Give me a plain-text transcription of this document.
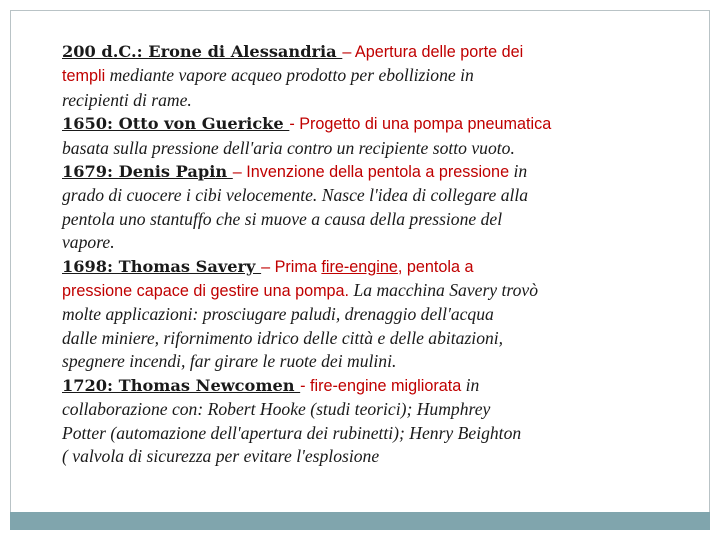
200 d.C.: Erone di Alessandria – Apertura delle porte dei
templi mediante vapore acqueo prodotto per ebollizione in
recipienti di rame.
1650: Otto von Guericke - Progetto di una pompa pneumatica
basata sulla pressione dell'aria contro un recipiente sotto vuoto.
1679: Denis Papin – Invenzione della pentola a pressione in
grado di cuocere i cibi velocemente. Nasce l'idea di collegare alla
pentola uno stantuffo che si muove a causa della pressione del
vapore.
1698: Thomas Savery – Prima fire-engine, pentola a
pressione capace di gestire una pompa. La macchina Savery trovò
molte applicazioni: prosciugare paludi, drenaggio dell'acqua
dalle miniere, rifornimento idrico delle città e delle abitazioni,
spegnere incendi, far girare le ruote dei mulini.
1720: Thomas Newcomen - fire-engine migliorata in
collaborazione con: Robert Hooke (studi teorici); Humphrey
Potter (automazione dell'apertura dei rubinetti); Henry Beighton
( valvola di sicurezza per evitare l'esplosione
